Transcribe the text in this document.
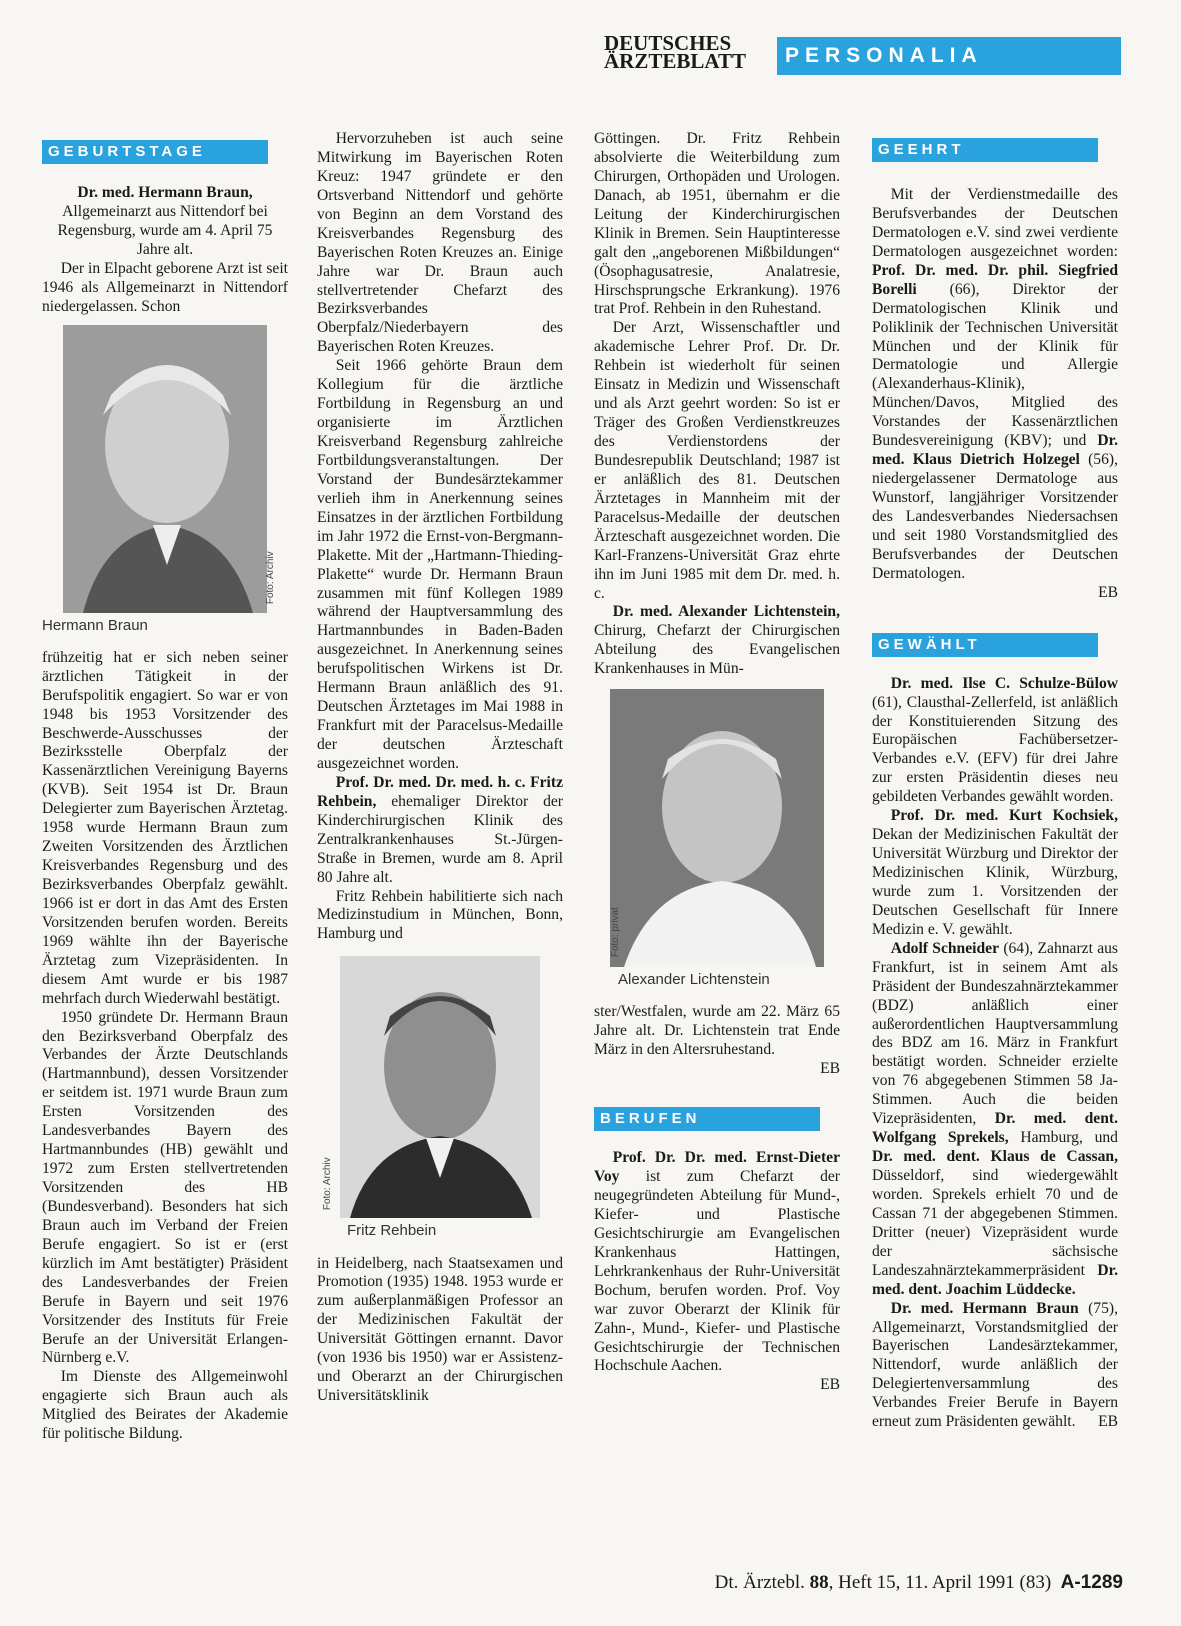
DEUTSCHES
ÄRZTEBLATT	PERSONALIA
GEBURTSTAGE

Dr. med. Hermann Braun, Allgemeinarzt aus Nittendorf bei Regensburg, wurde am 4. April 75 Jahre alt.

Der in Elpacht geborene Arzt ist seit 1946 als Allgemeinarzt in Nittendorf niedergelassen. Schon

Foto: Archiv
Hermann Braun

frühzeitig hat er sich neben seiner ärztlichen Tätigkeit in der Berufspolitik engagiert. So war er von 1948 bis 1953 Vorsitzender des Beschwerde-Ausschusses der Bezirksstelle Oberpfalz der Kassenärztlichen Vereinigung Bayerns (KVB). Seit 1954 ist Dr. Braun Delegierter zum Bayerischen Ärztetag. 1958 wurde Hermann Braun zum Zweiten Vorsitzenden des Ärztlichen Kreisverbandes Regensburg und des Bezirksverbandes Oberpfalz gewählt. 1966 ist er dort in das Amt des Ersten Vorsitzenden berufen worden. Bereits 1969 wählte ihn der Bayerische Ärztetag zum Vizepräsidenten. In diesem Amt wurde er bis 1987 mehrfach durch Wiederwahl bestätigt.

1950 gründete Dr. Hermann Braun den Bezirksverband Oberpfalz des Verbandes der Ärzte Deutschlands (Hartmannbund), dessen Vorsitzender er seitdem ist. 1971 wurde Braun zum Ersten Vorsitzenden des Landesverbandes Bayern des Hartmannbundes (HB) gewählt und 1972 zum Ersten stellvertretenden Vorsitzenden des HB (Bundesverband). Besonders hat sich Braun auch im Verband der Freien Berufe engagiert. So ist er (erst kürzlich im Amt bestätigter) Präsident des Landesverbandes der Freien Berufe in Bayern und seit 1976 Vorsitzender des Instituts für Freie Berufe an der Universität Erlangen-Nürnberg e.V.

Im Dienste des Allgemeinwohl engagierte sich Braun auch als Mitglied des Beirates der Akademie für politische Bildung.

Hervorzuheben ist auch seine Mitwirkung im Bayerischen Roten Kreuz: 1947 gründete er den Ortsverband Nittendorf und gehörte von Beginn an dem Vorstand des Kreisverbandes Regensburg des Bayerischen Roten Kreuzes an. Einige Jahre war Dr. Braun auch stellvertretender Chefarzt des Bezirksverbandes Oberpfalz/Niederbayern des Bayerischen Roten Kreuzes.

Seit 1966 gehörte Braun dem Kollegium für die ärztliche Fortbildung in Regensburg an und organisierte im Ärztlichen Kreisverband Regensburg zahlreiche Fortbildungsveranstaltungen. Der Vorstand der Bundesärztekammer verlieh ihm in Anerkennung seines Einsatzes in der ärztlichen Fortbildung im Jahr 1972 die Ernst-von-Bergmann-Plakette. Mit der „Hartmann-Thieding-Plakette“ wurde Dr. Hermann Braun zusammen mit fünf Kollegen 1989 während der Hauptversammlung des Hartmannbundes in Baden-Baden ausgezeichnet. In Anerkennung seines berufspolitischen Wirkens ist Dr. Hermann Braun anläßlich des 91. Deutschen Ärztetages im Mai 1988 in Frankfurt mit der Paracelsus-Medaille der deutschen Ärzteschaft ausgezeichnet worden.

Prof. Dr. med. Dr. med. h. c. Fritz Rehbein, ehemaliger Direktor der Kinderchirurgischen Klinik des Zentralkrankenhauses St.-Jürgen-Straße in Bremen, wurde am 8. April 80 Jahre alt.

Fritz Rehbein habilitierte sich nach Medizinstudium in München, Bonn, Hamburg und

Foto: Archiv
Fritz Rehbein

in Heidelberg, nach Staatsexamen und Promotion (1935) 1948. 1953 wurde er zum außerplanmäßigen Professor an der Medizinischen Fakultät der Universität Göttingen ernannt. Davor (von 1936 bis 1950) war er Assistenz- und Oberarzt an der Chirurgischen Universitätsklinik

Göttingen. Dr. Fritz Rehbein absolvierte die Weiterbildung zum Chirurgen, Orthopäden und Urologen. Danach, ab 1951, übernahm er die Leitung der Kinderchirurgischen Klinik in Bremen. Sein Hauptinteresse galt den „angeborenen Mißbildungen“ (Ösophagusatresie, Analatresie, Hirschsprungsche Erkrankung). 1976 trat Prof. Rehbein in den Ruhestand.

Der Arzt, Wissenschaftler und akademische Lehrer Prof. Dr. Dr. Rehbein ist wiederholt für seinen Einsatz in Medizin und Wissenschaft und als Arzt geehrt worden: So ist er Träger des Großen Verdienstkreuzes des Verdienstordens der Bundesrepublik Deutschland; 1987 ist er anläßlich des 81. Deutschen Ärztetages in Mannheim mit der Paracelsus-Medaille der deutschen Ärzteschaft ausgezeichnet worden. Die Karl-Franzens-Universität Graz ehrte ihn im Juni 1985 mit dem Dr. med. h. c.

Dr. med. Alexander Lichtenstein, Chirurg, Chefarzt der Chirurgischen Abteilung des Evangelischen Krankenhauses in Mün-

Foto: privat
Alexander Lichtenstein

ster/Westfalen, wurde am 22. März 65 Jahre alt. Dr. Lichtenstein trat Ende März in den Altersruhestand.
EB

BERUFEN

Prof. Dr. Dr. med. Ernst-Dieter Voy ist zum Chefarzt der neugegründeten Abteilung für Mund-, Kiefer- und Plastische Gesichtschirurgie am Evangelischen Krankenhaus Hattingen, Lehrkrankenhaus der Ruhr-Universität Bochum, berufen worden. Prof. Voy war zuvor Oberarzt der Klinik für Zahn-, Mund-, Kiefer- und Plastische Gesichtschirurgie der Technischen Hochschule Aachen.
EB

GEEHRT

Mit der Verdienstmedaille des Berufsverbandes der Deutschen Dermatologen e.V. sind zwei verdiente Dermatologen ausgezeichnet worden: Prof. Dr. med. Dr. phil. Siegfried Borelli (66), Direktor der Dermatologischen Klinik und Poliklinik der Technischen Universität München und der Klinik für Dermatologie und Allergie (Alexanderhaus-Klinik), München/Davos, Mitglied des Vorstandes der Kassenärztlichen Bundesvereinigung (KBV); und Dr. med. Klaus Dietrich Holzegel (56), niedergelassener Dermatologe aus Wunstorf, langjähriger Vorsitzender des Landesverbandes Niedersachsen und seit 1980 Vorstandsmitglied des Berufsverbandes der Deutschen Dermatologen.
EB

GEWÄHLT

Dr. med. Ilse C. Schulze-Bülow (61), Clausthal-Zellerfeld, ist anläßlich der Konstituierenden Sitzung des Europäischen Fachübersetzer-Verbandes e.V. (EFV) für drei Jahre zur ersten Präsidentin dieses neu gebildeten Verbandes gewählt worden.

Prof. Dr. med. Kurt Kochsiek, Dekan der Medizinischen Fakultät der Universität Würzburg und Direktor der Medizinischen Klinik, Würzburg, wurde zum 1. Vorsitzenden der Deutschen Gesellschaft für Innere Medizin e. V. gewählt.

Adolf Schneider (64), Zahnarzt aus Frankfurt, ist in seinem Amt als Präsident der Bundeszahnärztekammer (BDZ) anläßlich einer außerordentlichen Hauptversammlung des BDZ am 16. März in Frankfurt bestätigt worden. Schneider erzielte von 76 abgegebenen Stimmen 58 Ja-Stimmen. Auch die beiden Vizepräsidenten, Dr. med. dent. Wolfgang Sprekels, Hamburg, und Dr. med. dent. Klaus de Cassan, Düsseldorf, sind wiedergewählt worden. Sprekels erhielt 70 und de Cassan 71 der abgegebenen Stimmen. Dritter (neuer) Vizepräsident wurde der sächsische Landeszahnärztekammerpräsident Dr. med. dent. Joachim Lüddecke.

Dr. med. Hermann Braun (75), Allgemeinarzt, Vorstandsmitglied der Bayerischen Landesärztekammer, Nittendorf, wurde anläßlich der Delegiertenversammlung des Verbandes Freier Berufe in Bayern erneut zum Präsidenten gewählt.	EB

Dt. Ärztebl. 88, Heft 15, 11. April 1991 (83) A-1289
